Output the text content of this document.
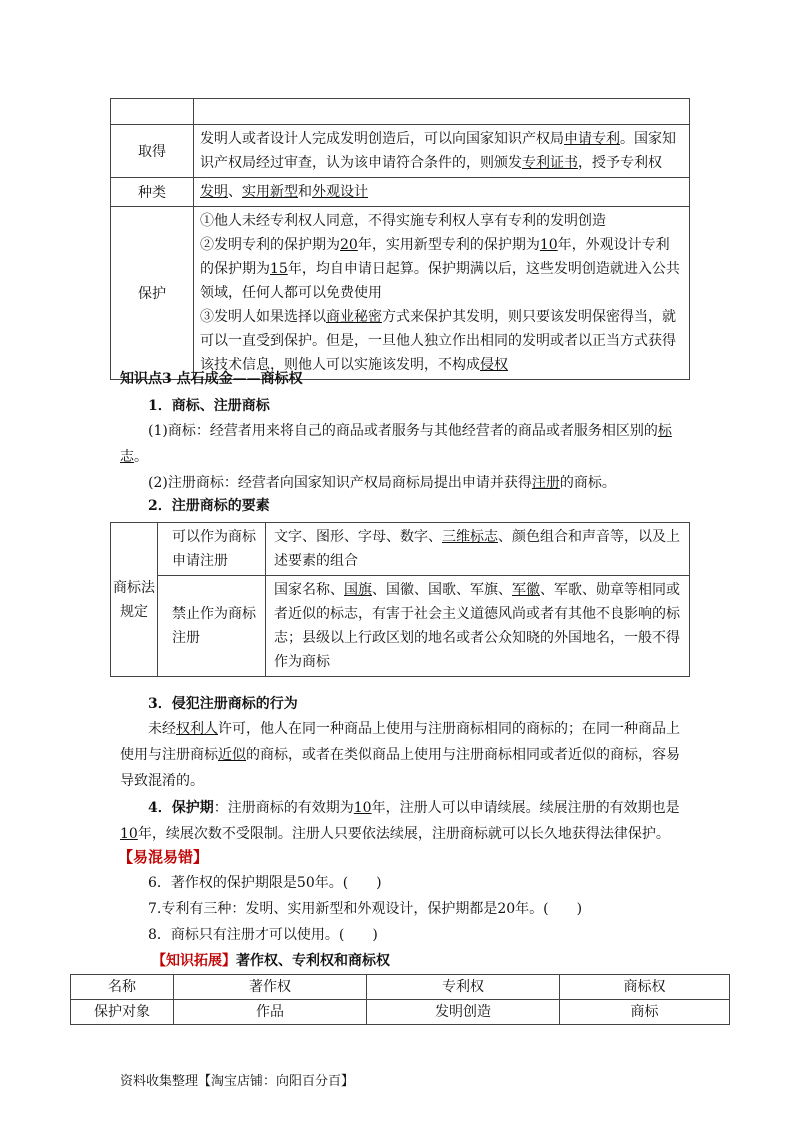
取得	发明人或者设计人完成发明创造后，可以向国家知识产权局申请专利。国家知识产权局经过审查，认为该申请符合条件的，则颁发专利证书，授予专利权
种类	发明、实用新型和外观设计
保护	①他人未经专利权人同意，不得实施专利权人享有专利的发明创造
②发明专利的保护期为20年，实用新型专利的保护期为10年，外观设计专利的保护期为15年，均自申请日起算。保护期满以后，这些发明创造就进入公共领域，任何人都可以免费使用
③发明人如果选择以商业秘密方式来保护其发明，则只要该发明保密得当，就可以一直受到保护。但是，一旦他人独立作出相同的发明或者以正当方式获得该技术信息，则他人可以实施该发明，不构成侵权
知识点3 点石成金——商标权
1．商标、注册商标
(1)商标：经营者用来将自己的商品或者服务与其他经营者的商品或者服务相区别的标志。
(2)注册商标：经营者向国家知识产权局商标局提出申请并获得注册的商标。
2．注册商标的要素
商标法规定	可以作为商标申请注册	文字、图形、字母、数字、三维标志、颜色组合和声音等，以及上述要素的组合
	禁止作为商标注册	国家名称、国旗、国徽、国歌、军旗、军徽、军歌、勋章等相同或者近似的标志，有害于社会主义道德风尚或者有其他不良影响的标志；县级以上行政区划的地名或者公众知晓的外国地名，一般不得作为商标
3．侵犯注册商标的行为
未经权利人许可，他人在同一种商品上使用与注册商标相同的商标的；在同一种商品上使用与注册商标近似的商标，或者在类似商品上使用与注册商标相同或者近似的商标，容易导致混淆的。
4．保护期：注册商标的有效期为10年，注册人可以申请续展。续展注册的有效期也是10年，续展次数不受限制。注册人只要依法续展，注册商标就可以长久地获得法律保护。
【易混易错】
6．著作权的保护期限是50年。(　　)
7.专利有三种：发明、实用新型和外观设计，保护期都是20年。(　　)
8．商标只有注册才可以使用。(　　)
【知识拓展】著作权、专利权和商标权
名称	著作权	专利权	商标权
保护对象	作品	发明创造	商标
资料收集整理【淘宝店铺：向阳百分百】
